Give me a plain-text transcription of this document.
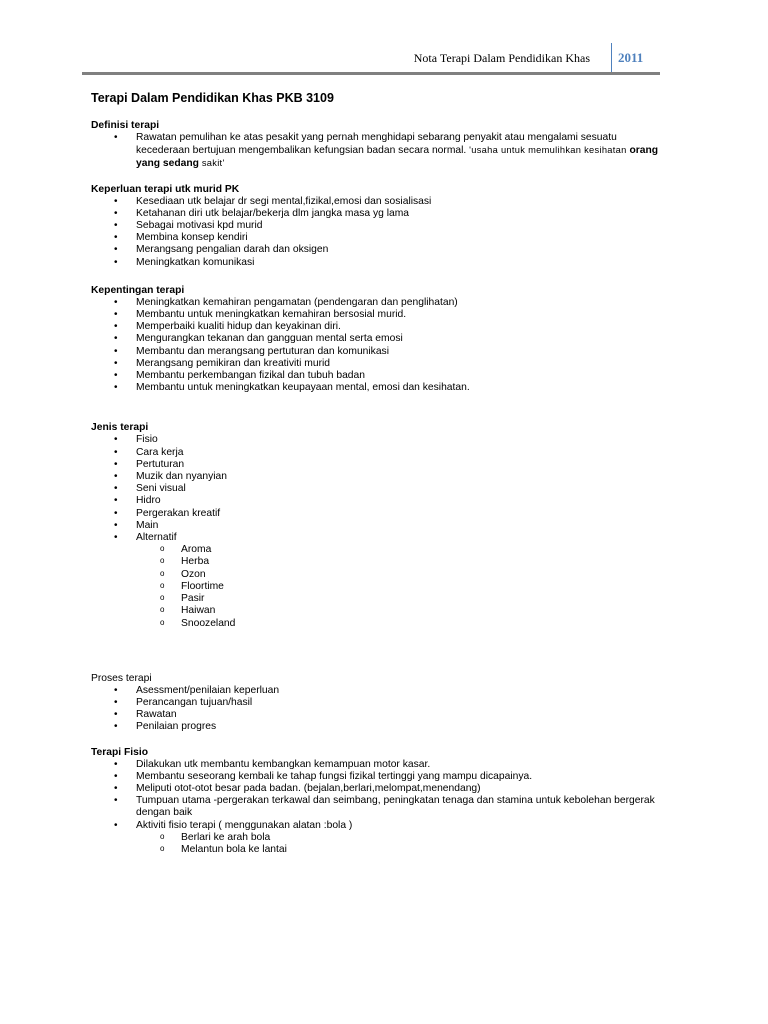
Nota Terapi Dalam Pendidikan Khas 2011
Terapi Dalam Pendidikan Khas PKB 3109
Definisi terapi
• Rawatan pemulihan ke atas pesakit yang pernah menghidapi sebarang penyakit atau mengalami sesuatu kecederaan bertujuan mengembalikan kefungsian badan secara normal. 'usaha untuk memulihkan kesihatan orang yang sedang sakit'
Keperluan terapi utk murid PK
• Kesediaan utk belajar dr segi mental,fizikal,emosi dan sosialisasi
• Ketahanan diri utk belajar/bekerja dlm jangka masa yg lama
• Sebagai motivasi kpd murid
• Membina konsep kendiri
• Merangsang pengalian darah dan oksigen
• Meningkatkan komunikasi
Kepentingan terapi
• Meningkatkan kemahiran pengamatan (pendengaran dan penglihatan)
• Membantu untuk meningkatkan kemahiran bersosial murid.
• Memperbaiki kualiti hidup dan keyakinan diri.
• Mengurangkan tekanan dan gangguan mental serta emosi
• Membantu dan merangsang pertuturan dan komunikasi
• Merangsang pemikiran dan kreativiti murid
• Membantu perkembangan fizikal dan tubuh badan
• Membantu untuk meningkatkan keupayaan mental, emosi dan kesihatan.
Jenis terapi
• Fisio
• Cara kerja
• Pertuturan
• Muzik dan nyanyian
• Seni visual
• Hidro
• Pergerakan kreatif
• Main
• Alternatif
o Aroma
o Herba
o Ozon
o Floortime
o Pasir
o Haiwan
o Snoozeland
Proses terapi
• Asessment/penilaian keperluan
• Perancangan tujuan/hasil
• Rawatan
• Penilaian progres
Terapi Fisio
• Dilakukan utk membantu kembangkan kemampuan motor kasar.
• Membantu seseorang kembali ke tahap fungsi fizikal tertinggi yang mampu dicapainya.
• Meliputi otot-otot besar pada badan. (bejalan,berlari,melompat,menendang)
• Tumpuan utama -pergerakan terkawal dan seimbang, peningkatan tenaga dan stamina untuk kebolehan bergerak dengan baik
• Aktiviti fisio terapi ( menggunakan alatan :bola )
o Berlari ke arah bola
o Melantun bola ke lantai
